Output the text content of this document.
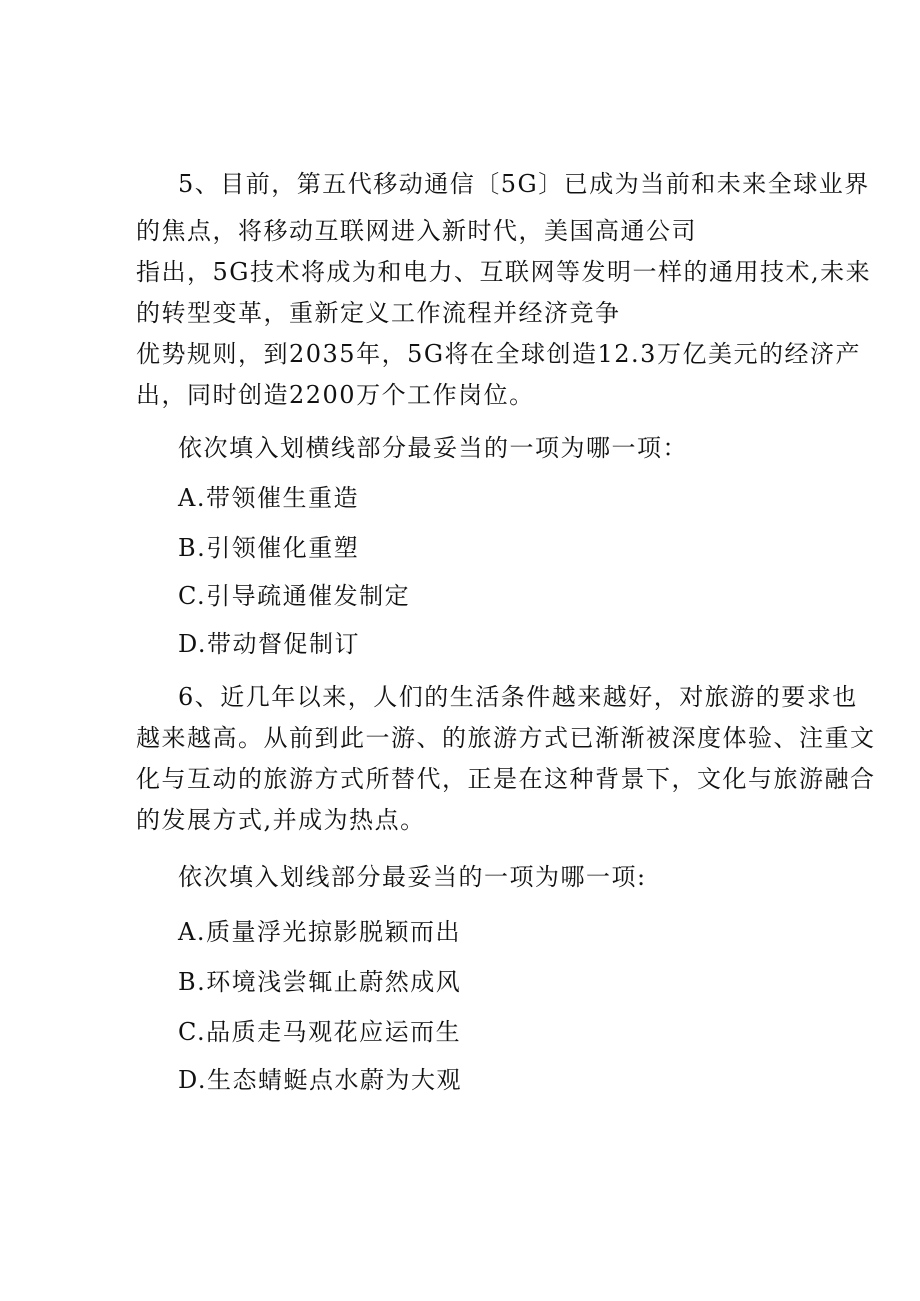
5、目前，第五代移动通信〔5G〕已成为当前和未来全球业界
的焦点，将移动互联网进入新时代，美国高通公司
指出，5G技术将成为和电力、互联网等发明一样的通用技术,未来
的转型变革，重新定义工作流程并经济竞争
优势规则，到2035年，5G将在全球创造12.3万亿美元的经济产
出，同时创造2200万个工作岗位。
依次填入划横线部分最妥当的一项为哪一项：
A.带领催生重造
B.引领催化重塑
C.引导疏通催发制定
D.带动督促制订
6、近几年以来，人们的生活条件越来越好，对旅游的要求也
越来越高。从前到此一游、的旅游方式已渐渐被深度体验、注重文
化与互动的旅游方式所替代，正是在这种背景下，文化与旅游融合
的发展方式,并成为热点。
依次填入划线部分最妥当的一项为哪一项:
A.质量浮光掠影脱颖而出
B.环境浅尝辄止蔚然成风
C.品质走马观花应运而生
D.生态蜻蜓点水蔚为大观
